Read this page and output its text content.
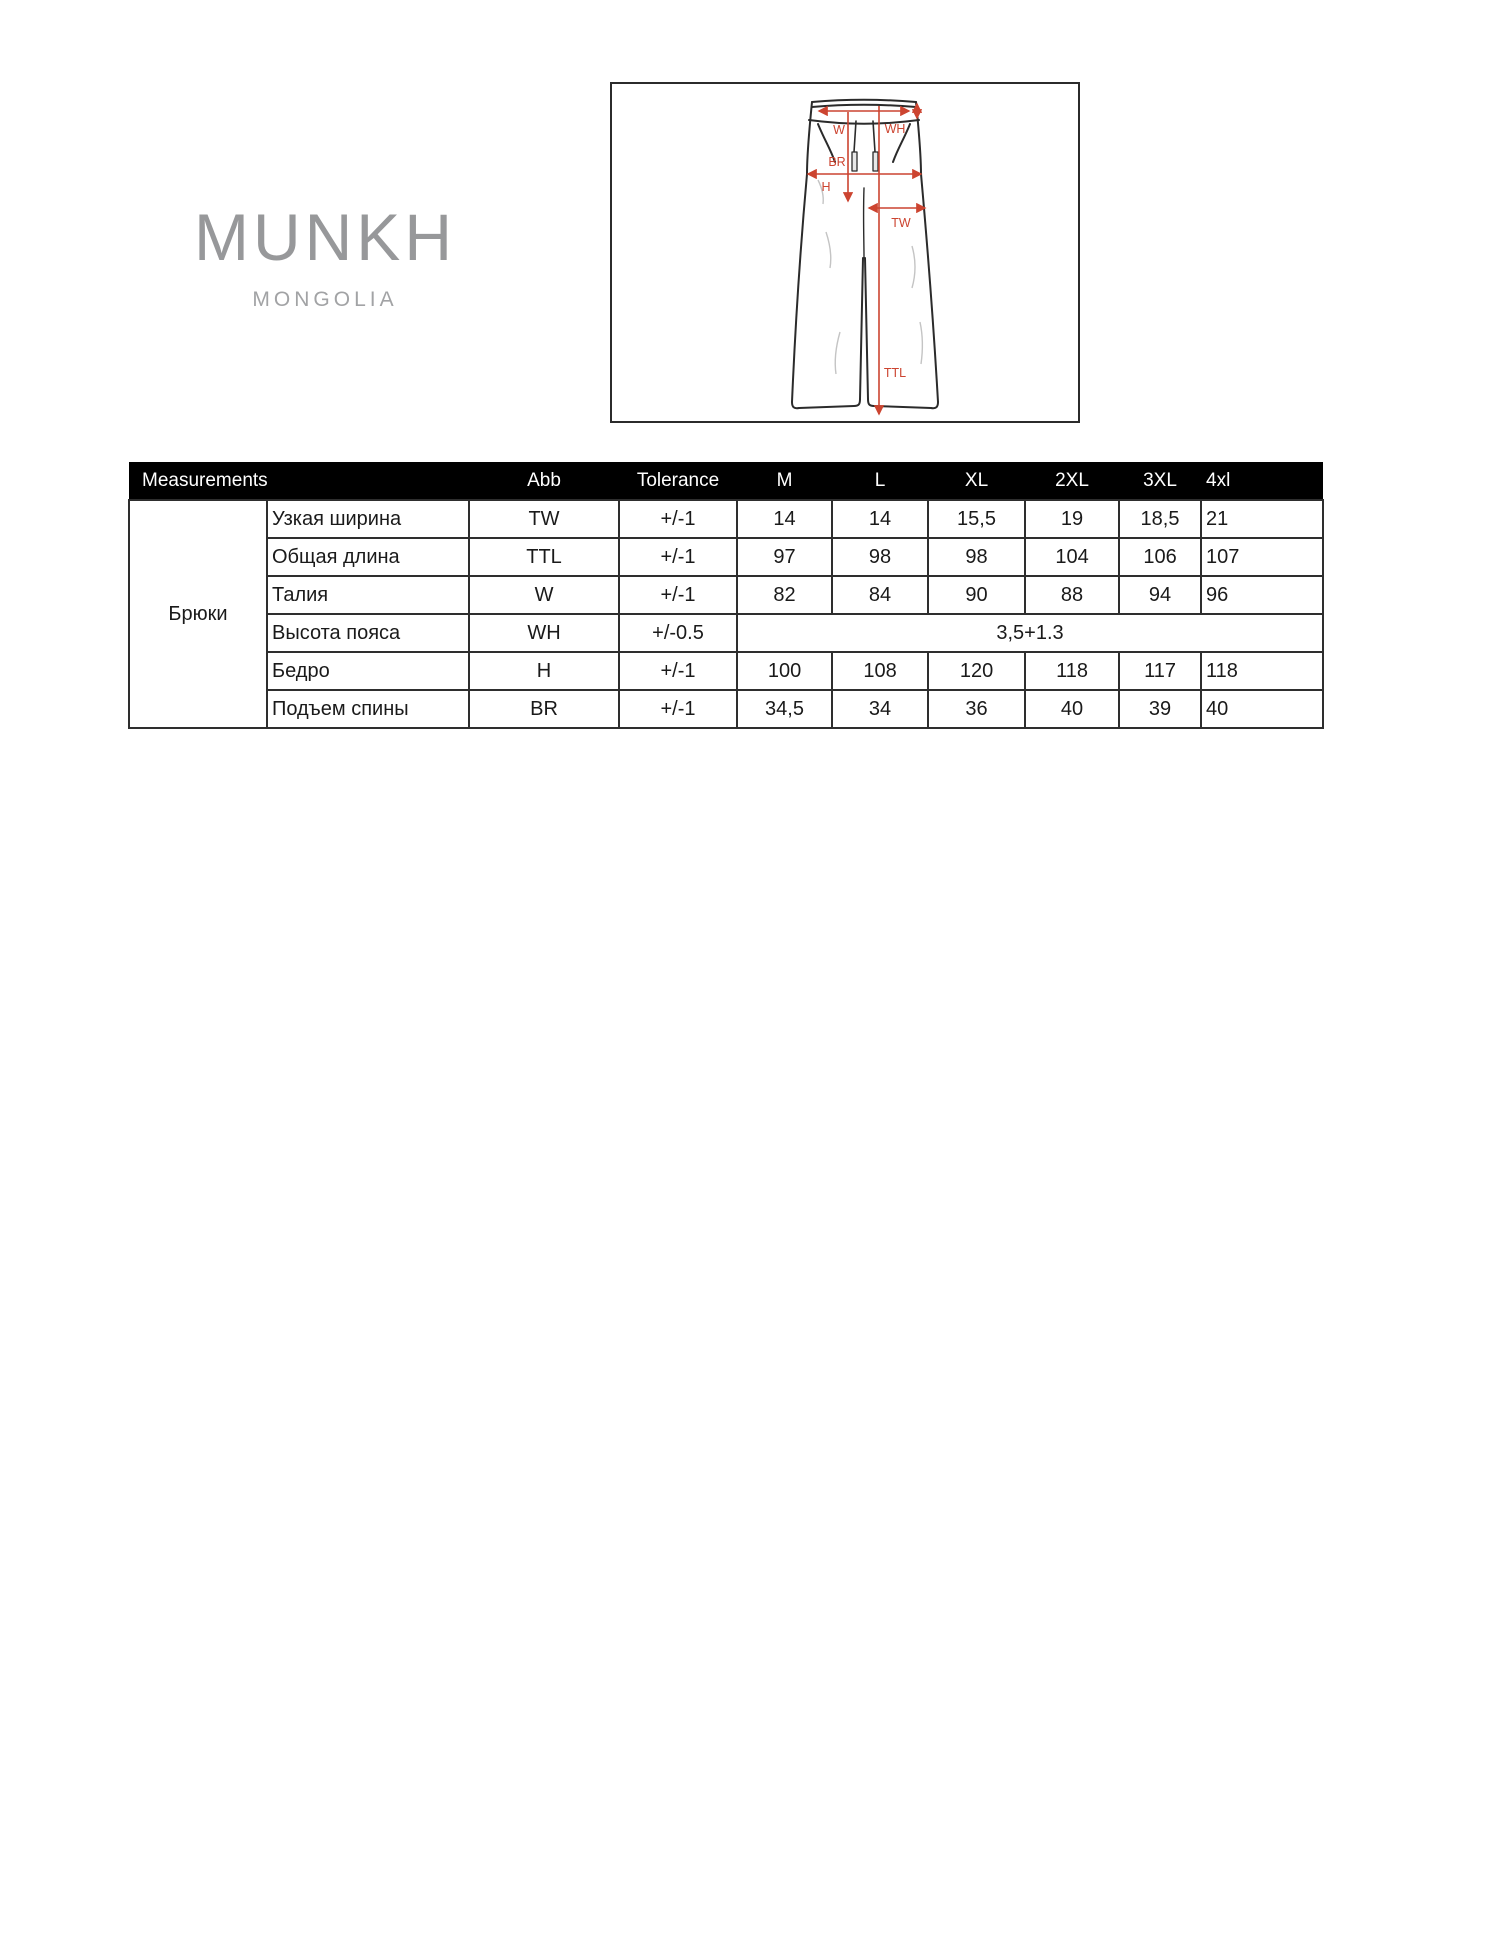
MUNKH
MONGOLIA
W	WH
BR
H
TW
TTL
Measurements		Abb	Tolerance	M	L	XL	2XL	3XL	4xl
Брюки	Узкая ширина	TW	+/-1	14	14	15,5	19	18,5	21
	Общая длина	TTL	+/-1	97	98	98	104	106	107
	Талия	W	+/-1	82	84	90	88	94	96
	Высота пояса	WH	+/-0.5	3,5+1.3					
	Бедро	H	+/-1	100	108	120	118	117	118
	Подъем спины	BR	+/-1	34,5	34	36	40	39	40
